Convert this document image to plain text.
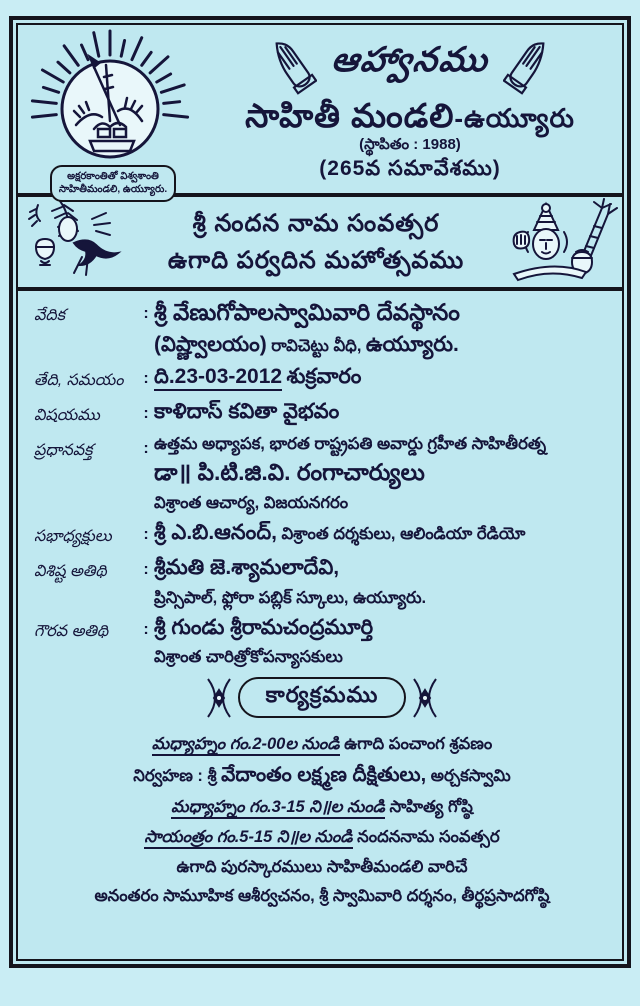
అక్షరకాంతితో విశ్వశాంతి
సాహితీమండలి, ఉయ్యూరు.
ఆహ్వానము
సాహితీ మండలి-ఉయ్యూరు
(స్థాపితం : 1988)
(265వ సమావేశము)
శ్రీ నందన నామ సంవత్సర
ఉగాది పర్వదిన మహోత్సవము
వేదిక	: శ్రీ వేణుగోపాలస్వామివారి దేవస్థానం
(విష్ణ్వాలయం) రావిచెట్టు వీధి, ఉయ్యూరు.
తేది, సమయం	: ది.23-03-2012 శుక్రవారం
విషయము	: కాళిదాస్ కవితా వైభవం
ప్రధానవక్త	: ఉత్తమ అధ్యాపక, భారత రాష్ట్రపతి అవార్డు గ్రహీత సాహితీరత్న
డా॥ పి.టి.జి.వి. రంగాచార్యులు
విశ్రాంత ఆచార్య, విజయనగరం
సభాధ్యక్షులు	: శ్రీ ఎ.బి.ఆనంద్, విశ్రాంత దర్శకులు, ఆలిండియా రేడియో
విశిష్ట అతిథి	: శ్రీమతి జె.శ్యామలాదేవి,
ప్రిన్సిపాల్, ఫ్లోరా పబ్లిక్ స్కూలు, ఉయ్యూరు.
గౌరవ అతిథి	: శ్రీ గుండు శ్రీరామచంద్రమూర్తి
విశ్రాంత చారిత్రోకోపన్యాసకులు
కార్యక్రమము
మధ్యాహ్నం గం.2-00ల నుండి ఉగాది పంచాంగ శ్రవణం
నిర్వహణ : శ్రీ వేదాంతం లక్ష్మణ దీక్షితులు, అర్చకస్వామి
మధ్యాహ్నం గం.3-15 ని॥ల నుండి సాహిత్య గోష్ఠి
సాయంత్రం గం.5-15 ని॥ల నుండి నందననామ సంవత్సర
ఉగాది పురస్కారములు సాహితీమండలి వారిచే
అనంతరం సామూహిక ఆశీర్వచనం, శ్రీ స్వామివారి దర్శనం, తీర్థప్రసాదగోష్ఠి
